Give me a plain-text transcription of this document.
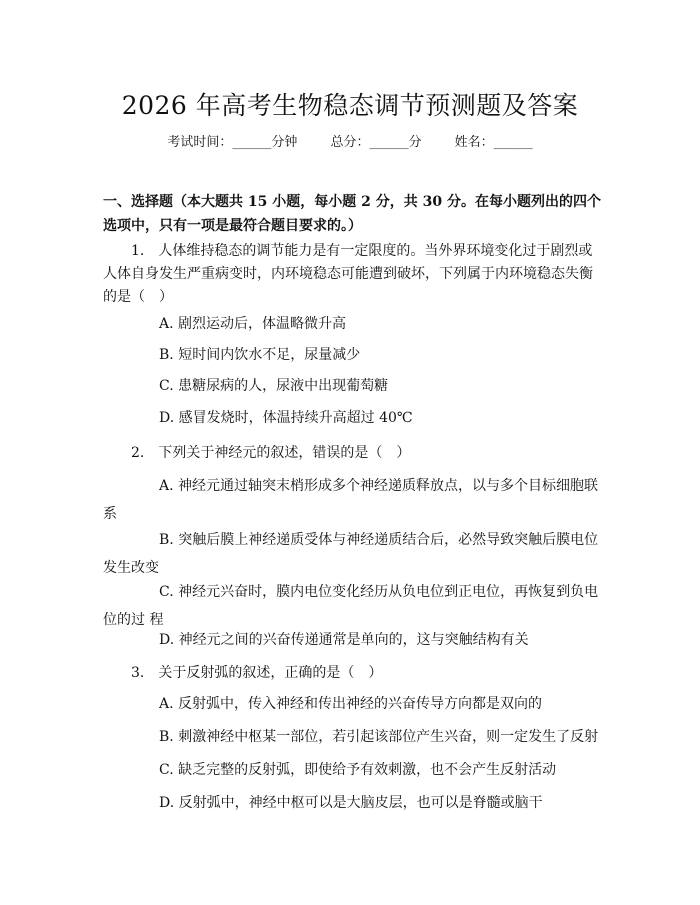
2026 年高考生物稳态调节预测题及答案
考试时间：______分钟	总分：______分	姓名：______
一、选择题（本大题共 15 小题，每小题 2 分，共 30 分。在每小题列出的四个选项中，只有一项是最符合题目要求的。）
1.　人体维持稳态的调节能力是有一定限度的。当外界环境变化过于剧烈或人体自身发生严重病变时，内环境稳态可能遭到破坏，下列属于内环境稳态失衡的是（　）
A. 剧烈运动后，体温略微升高
B. 短时间内饮水不足，尿量减少
C. 患糖尿病的人，尿液中出现葡萄糖
D. 感冒发烧时，体温持续升高超过 40℃
2.　下列关于神经元的叙述，错误的是（　）
A. 神经元通过轴突末梢形成多个神经递质释放点，以与多个目标细胞联系
B. 突触后膜上神经递质受体与神经递质结合后，必然导致突触后膜电位发生改变
C. 神经元兴奋时，膜内电位变化经历从负电位到正电位，再恢复到负电位的过 程
D. 神经元之间的兴奋传递通常是单向的，这与突触结构有关
3.　关于反射弧的叙述，正确的是（　）
A. 反射弧中，传入神经和传出神经的兴奋传导方向都是双向的
B. 刺激神经中枢某一部位，若引起该部位产生兴奋，则一定发生了反射
C. 缺乏完整的反射弧，即使给予有效刺激，也不会产生反射活动
D. 反射弧中，神经中枢可以是大脑皮层，也可以是脊髓或脑干
